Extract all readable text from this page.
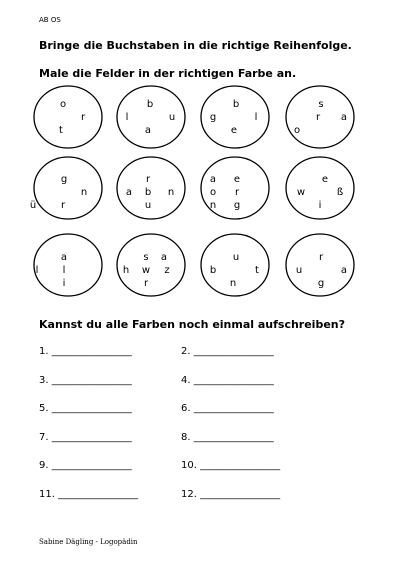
AB OS
Bringe die Buchstaben in die richtige Reihenfolge.
Male die Felder in der richtigen Farbe an.
o
r
t
b
l	u
a
b
g	l
e
s
r a
o
g
n
ü r
r
a b n
u
a e
o r
n g
e
w	ß
i
a
l l
i
s a
h w z
r
u
b	t
n
r
u	a
g
Kannst du alle Farben noch einmal aufschreiben?
1. ________________	2. ________________
3. ________________	4. ________________
5. ________________	6. ________________
7. ________________	8. ________________
9. ________________	10. ________________
11. ________________	12. ________________
Sabine Dägling - Logopädin
